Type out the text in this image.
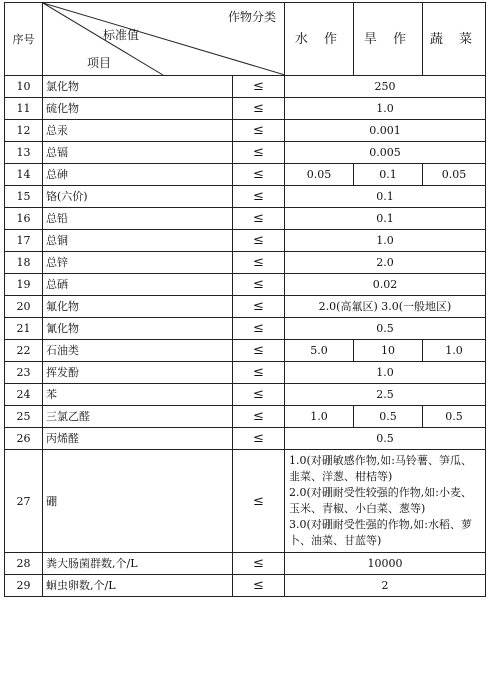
序号	作物分类
标准值
项目		水 作	旱 作	蔬 菜
10	氯化物	≤	250		
11	硫化物	≤	1.0		
12	总汞	≤	0.001		
13	总镉	≤	0.005		
14	总砷	≤	0.05	0.1	0.05
15	铬(六价)	≤	0.1		
16	总铅	≤	0.1		
17	总铜	≤	1.0		
18	总锌	≤	2.0		
19	总硒	≤	0.02		
20	氟化物	≤	2.0(高氟区) 3.0(一般地区)		
21	氰化物	≤	0.5		
22	石油类	≤	5.0	10	1.0
23	挥发酚	≤	1.0		
24	苯	≤	2.5		
25	三氯乙醛	≤	1.0	0.5	0.5
26	丙烯醛	≤	0.5		
27	硼	≤	1.0(对硼敏感作物,如:马铃薯、笋瓜、韭菜、洋葱、柑桔等)
2.0(对硼耐受性较强的作物,如:小麦、玉米、青椒、小白菜、葱等)
3.0(对硼耐受性强的作物,如:水稻、萝卜、油菜、甘蓝等)		

28	粪大肠菌群数,个/L	≤	10000		
29	蛔虫卵数,个/L	≤	2		
